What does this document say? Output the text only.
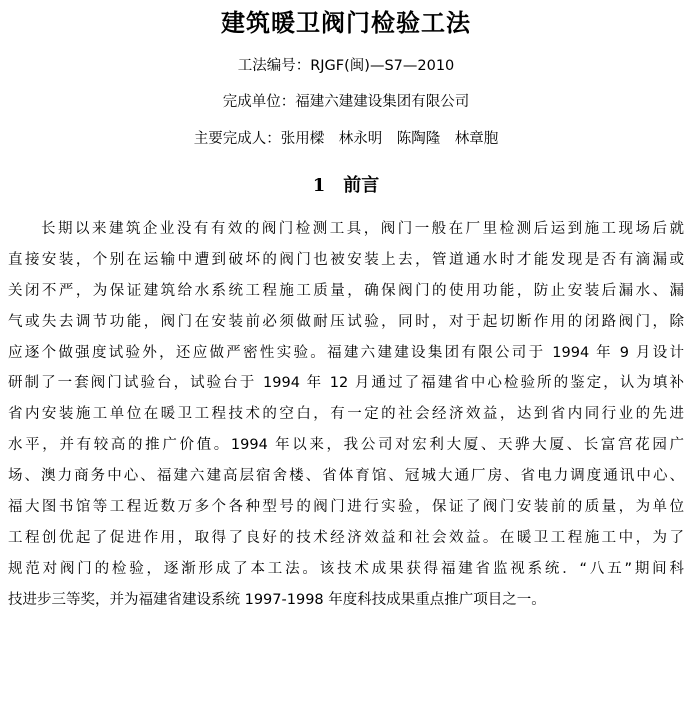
建筑暖卫阀门检验工法
工法编号：RJGF(闽)—S7—2010
完成单位：福建六建建设集团有限公司
主要完成人：张用樑　林永明　陈陶隆　林章胞
1 前言
长期以来建筑企业没有有效的阀门检测工具，阀门一般在厂里检测后运到施工现场后就
直接安装，个别在运输中遭到破坏的阀门也被安装上去，管道通水时才能发现是否有滴漏或
关闭不严，为保证建筑给水系统工程施工质量，确保阀门的使用功能，防止安装后漏水、漏
气或失去调节功能，阀门在安装前必须做耐压试验，同时，对于起切断作用的闭路阀门，除
应逐个做强度试验外，还应做严密性实验。福建六建建设集团有限公司于 1994 年 9 月设计
研制了一套阀门试验台，试验台于 1994 年 12 月通过了福建省中心检验所的鉴定，认为填补
省内安装施工单位在暖卫工程技术的空白，有一定的社会经济效益，达到省内同行业的先进
水平，并有较高的推广价值。1994 年以来，我公司对宏利大厦、天骅大厦、长富宫花园广
场、澳力商务中心、福建六建高层宿舍楼、省体育馆、冠城大通厂房、省电力调度通讯中心、
福大图书馆等工程近数万多个各种型号的阀门进行实验，保证了阀门安装前的质量，为单位
工程创优起了促进作用，取得了良好的技术经济效益和社会效益。在暖卫工程施工中，为了
规范对阀门的检验，逐渐形成了本工法。该技术成果获得福建省监视系统．“八五”期间科
技进步三等奖，并为福建省建设系统 1997-1998 年度科技成果重点推广项目之一。
